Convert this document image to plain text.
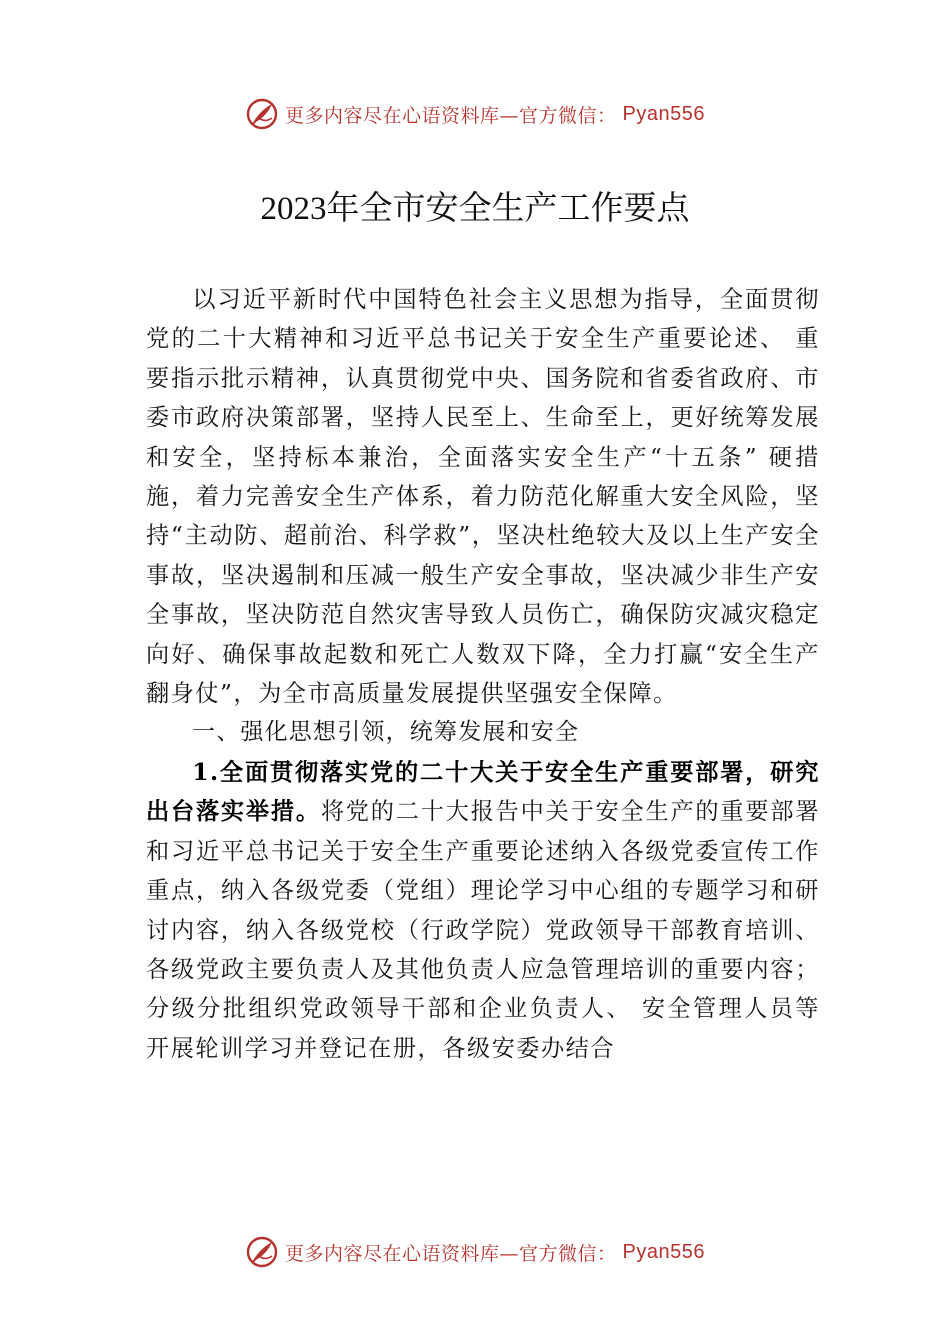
更多内容尽在心语资料库—官方微信： Pyan556
2023年全市安全生产工作要点

以习近平新时代中国特色社会主义思想为指导，全面贯彻党的二十大精神和习近平总书记关于安全生产重要论述、 重要指示批示精神，认真贯彻党中央、国务院和省委省政府、市委市政府决策部署，坚持人民至上、生命至上，更好统筹发展和安全，坚持标本兼治，全面落实安全生产“十五条” 硬措施，着力完善安全生产体系，着力防范化解重大安全风险，坚持“主动防、超前治、科学救”，坚决杜绝较大及以上生产安全事故，坚决遏制和压减一般生产安全事故，坚决减少非生产安全事故，坚决防范自然灾害导致人员伤亡，确保防灾减灾稳定向好、确保事故起数和死亡人数双下降，全力打赢“安全生产翻身仗”，为全市高质量发展提供坚强安全保障。

一、强化思想引领，统筹发展和安全

1.全面贯彻落实党的二十大关于安全生产重要部署，研究出台落实举措。将党的二十大报告中关于安全生产的重要部署和习近平总书记关于安全生产重要论述纳入各级党委宣传工作重点，纳入各级党委（党组）理论学习中心组的专题学习和研讨内容，纳入各级党校（行政学院）党政领导干部教育培训、各级党政主要负责人及其他负责人应急管理培训的重要内容；分级分批组织党政领导干部和企业负责人、 安全管理人员等开展轮训学习并登记在册，各级安委办结合

更多内容尽在心语资料库—官方微信： Pyan556
